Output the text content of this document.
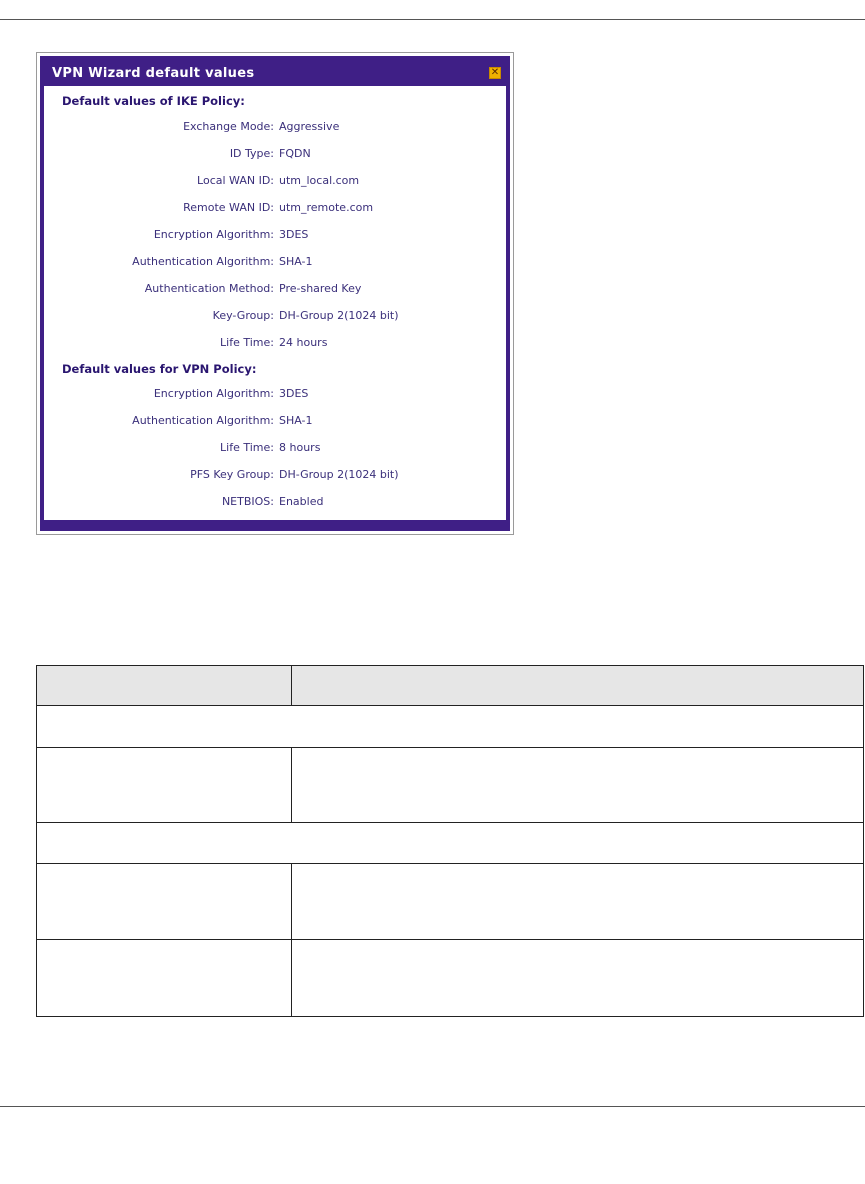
VPN Wizard default values	✕
Default values of IKE Policy:
Exchange Mode: Aggressive
ID Type: FQDN
Local WAN ID: utm_local.com
Remote WAN ID: utm_remote.com
Encryption Algorithm: 3DES
Authentication Algorithm: SHA-1
Authentication Method: Pre-shared Key
Key-Group: DH-Group 2(1024 bit)
Life Time: 24 hours
Default values for VPN Policy:
Encryption Algorithm: 3DES
Authentication Algorithm: SHA-1
Life Time: 8 hours
PFS Key Group: DH-Group 2(1024 bit)
NETBIOS: Enabled
